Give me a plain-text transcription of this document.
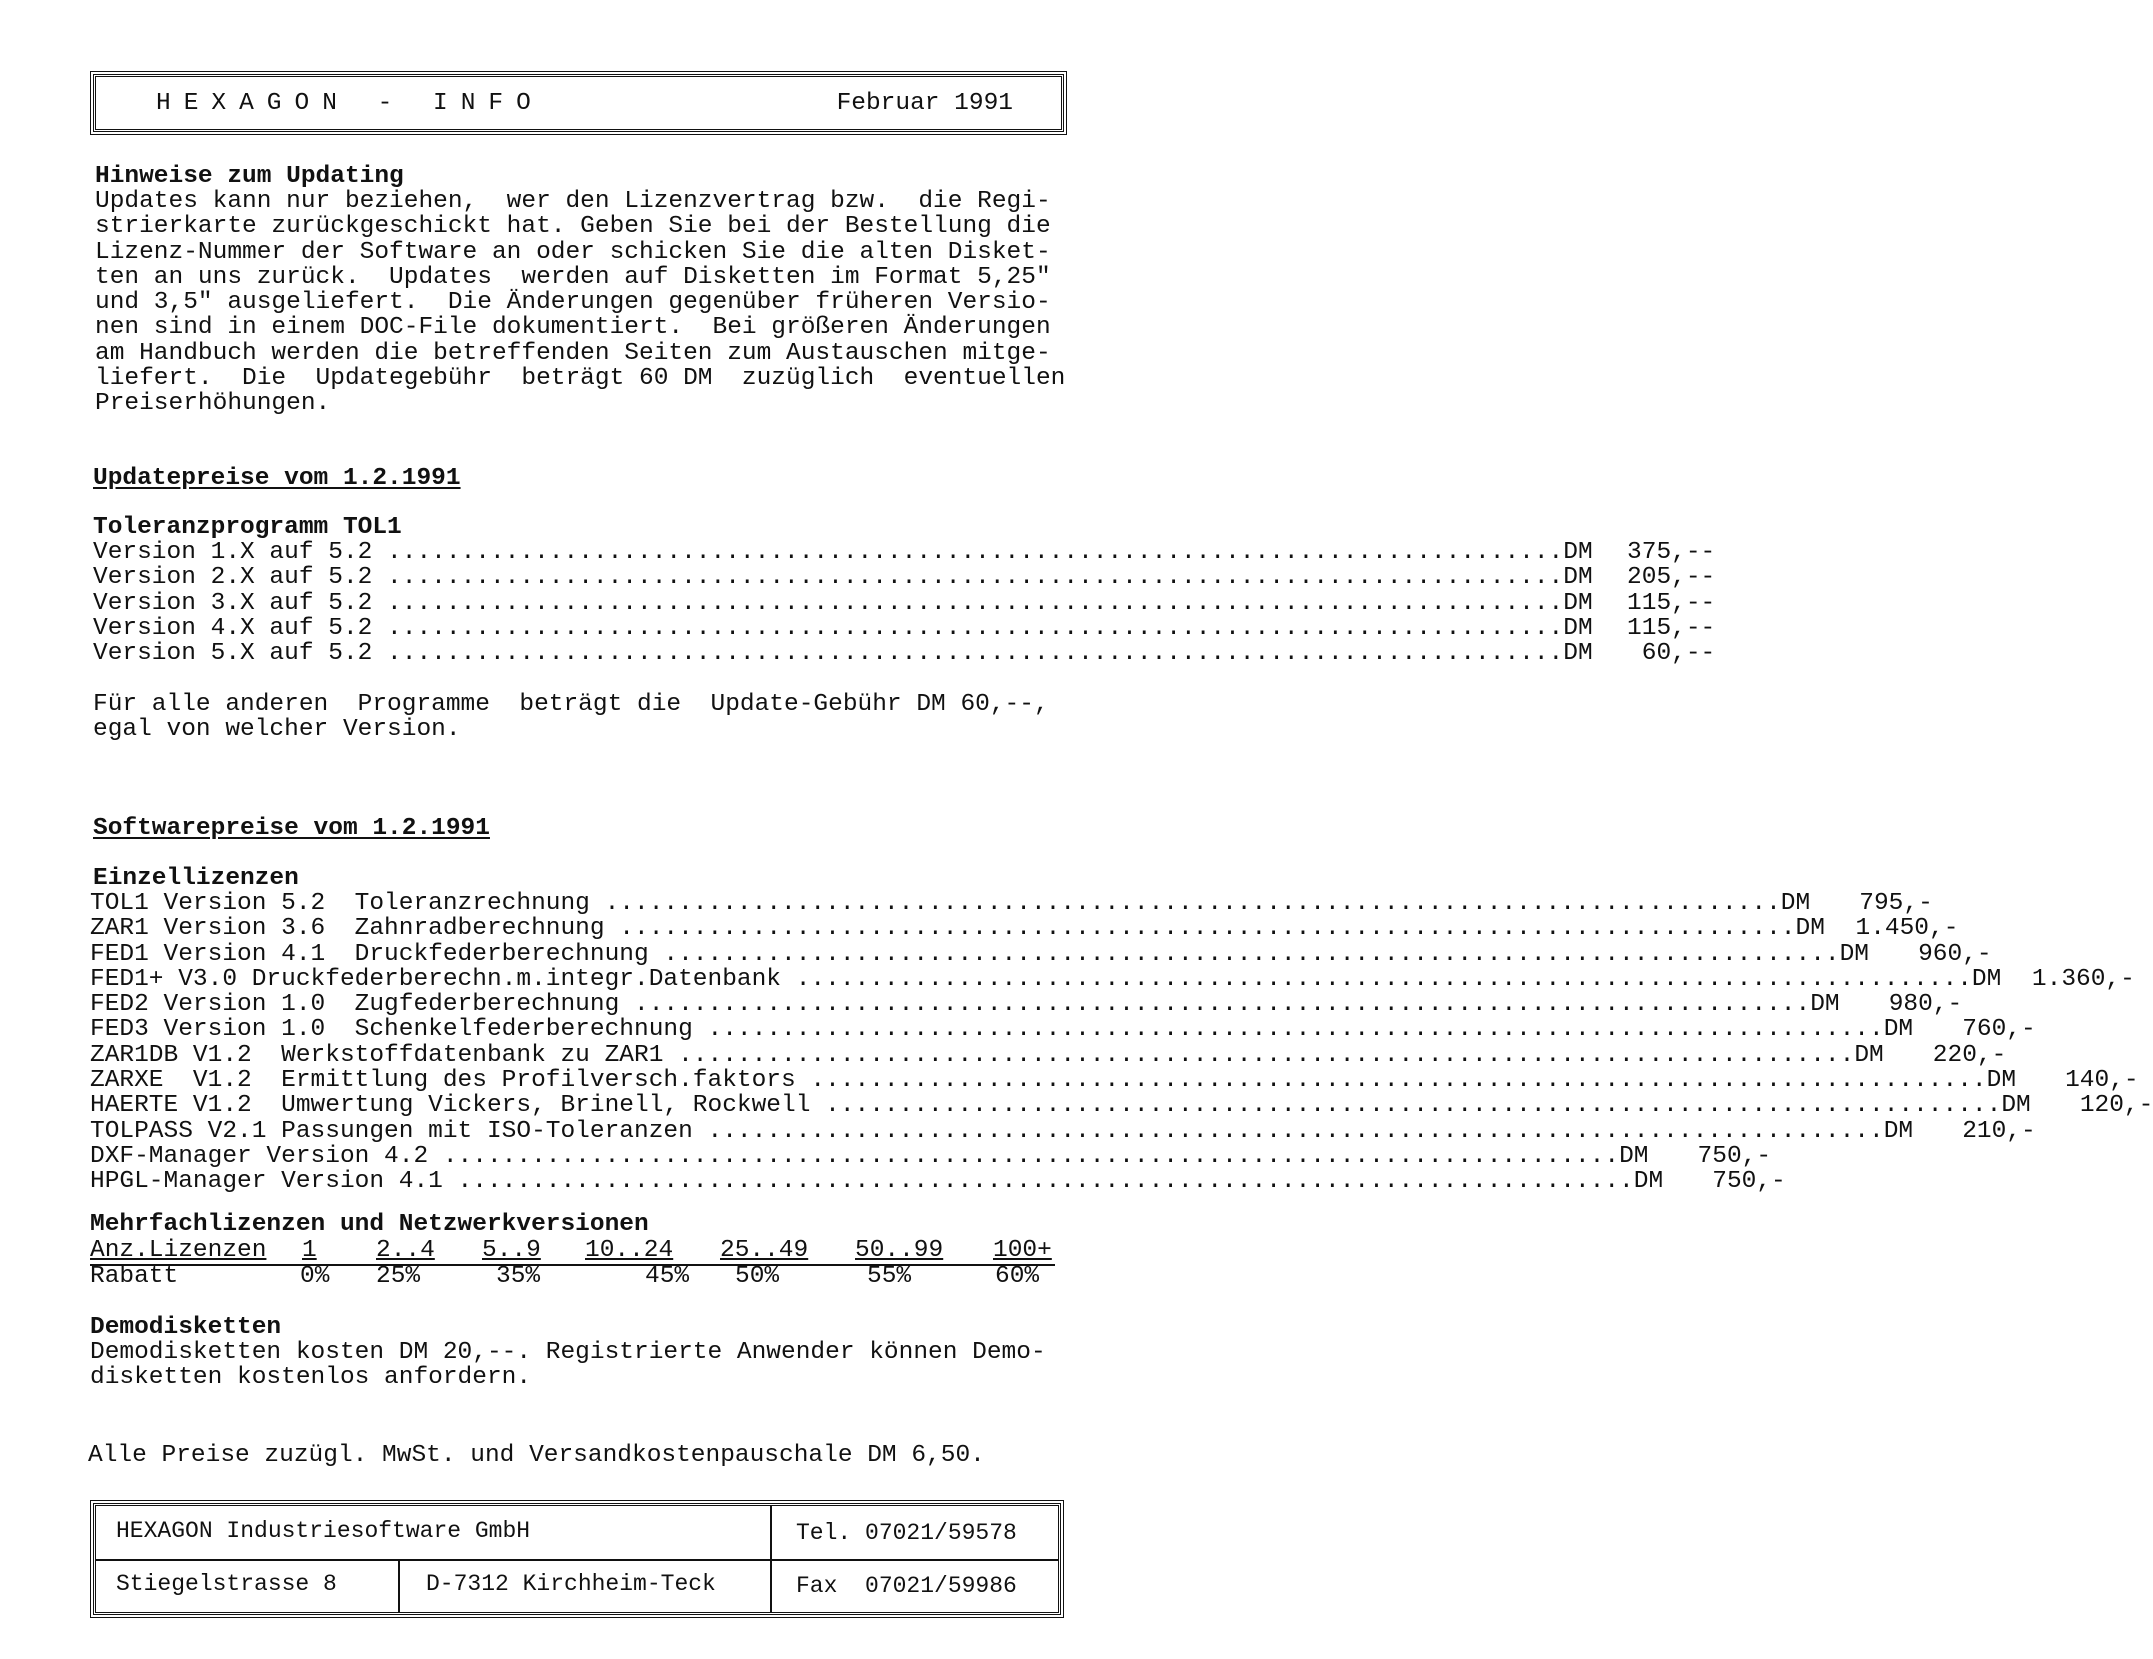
HEXAGON - INFO	Februar 1991
Hinweise zum Updating
Updates kann nur beziehen,  wer den Lizenzvertrag bzw.  die Regi-
strierkarte zurückgeschickt hat. Geben Sie bei der Bestellung die
Lizenz-Nummer der Software an oder schicken Sie die alten Disket-
ten an uns zurück.  Updates  werden auf Disketten im Format 5,25"
und 3,5" ausgeliefert.  Die Änderungen gegenüber früheren Versio-
nen sind in einem DOC-File dokumentiert.  Bei größeren Änderungen
am Handbuch werden die betreffenden Seiten zum Austauschen mitge-
liefert.  Die  Updategebühr  beträgt 60 DM  zuzüglich  eventuellen
Preiserhöhungen.
Updatepreise vom 1.2.1991
Toleranzprogramm TOL1
Version 1.X auf 5.2 ................................................................................ DM	375,--
Version 2.X auf 5.2 ................................................................................ DM	205,--
Version 3.X auf 5.2 ................................................................................ DM	115,--
Version 4.X auf 5.2 ................................................................................ DM	115,--
Version 5.X auf 5.2 ................................................................................ DM	60,--
Für alle anderen  Programme  beträgt die  Update-Gebühr DM 60,--,
egal von welcher Version.
Softwarepreise vom 1.2.1991
Einzellizenzen
TOL1 Version 5.2  Toleranzrechnung ................................................................................ DM	795,-
ZAR1 Version 3.6  Zahnradberechnung ................................................................................ DM	1.450,-
FED1 Version 4.1  Druckfederberechnung ................................................................................ DM	960,-
FED1+ V3.0 Druckfederberechn.m.integr.Datenbank ................................................................................ DM	1.360,-
FED2 Version 1.0  Zugfederberechnung ................................................................................ DM	980,-
FED3 Version 1.0  Schenkelfederberechnung ................................................................................ DM	760,-
ZAR1DB V1.2  Werkstoffdatenbank zu ZAR1 ................................................................................ DM	220,-
ZARXE  V1.2  Ermittlung des Profilversch.faktors ................................................................................ DM	140,-
HAERTE V1.2  Umwertung Vickers, Brinell, Rockwell ................................................................................ DM	120,-
TOLPASS V2.1 Passungen mit ISO-Toleranzen ................................................................................ DM	210,-
DXF-Manager Version 4.2 ................................................................................ DM	750,-
HPGL-Manager Version 4.1 ................................................................................ DM	750,-
Mehrfachlizenzen und Netzwerkversionen
Anz.Lizenzen 1 2..4 5..9 10..24 25..49 50..99 100+
Rabatt	0% 25%	35%	45% 50%	55%	60%
Demodisketten
Demodisketten kosten DM 20,--. Registrierte Anwender können Demo-
disketten kostenlos anfordern.
Alle Preise zuzügl. MwSt. und Versandkostenpauschale DM 6,50.
HEXAGON Industriesoftware GmbH	Tel. 07021/59578
Stiegelstrasse 8	D-7312 Kirchheim-Teck	Fax  07021/59986
